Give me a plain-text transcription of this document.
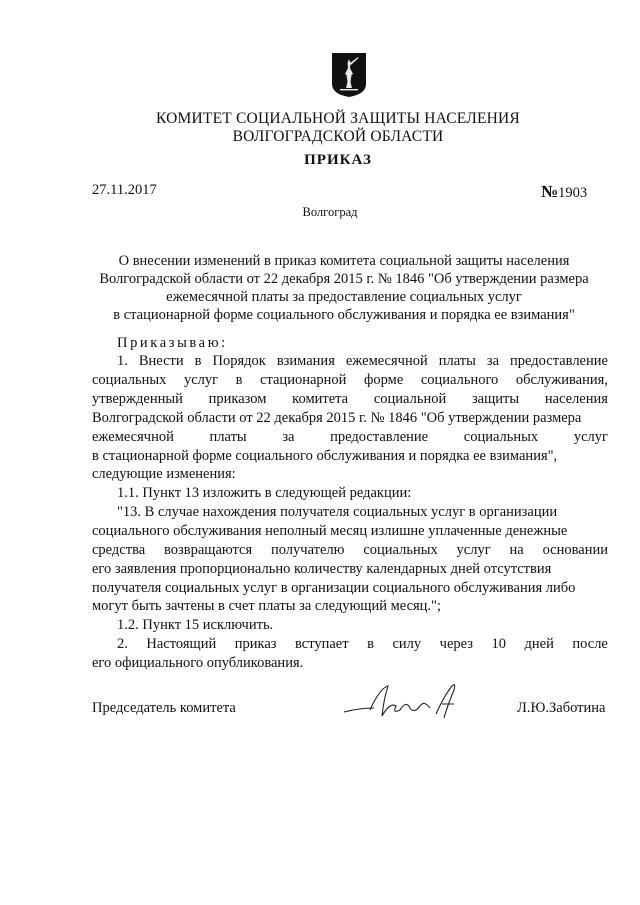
КОМИТЕТ СОЦИАЛЬНОЙ ЗАЩИТЫ НАСЕЛЕНИЯ
ВОЛГОГРАДСКОЙ ОБЛАСТИ
ПРИКАЗ
27.11.2017	№1903
Волгоград
О внесении изменений в приказ комитета социальной защиты населения
Волгоградской области от 22 декабря 2015 г. № 1846 "Об утверждении размера
ежемесячной платы за предоставление социальных услуг
в стационарной форме социального обслуживания и порядка ее взимания"
Приказываю:
1. Внести в Порядок взимания ежемесячной платы за предоставление
социальных услуг в стационарной форме социального обслуживания,
утвержденный приказом комитета социальной защиты населения
Волгоградской области от 22 декабря 2015 г. № 1846 "Об утверждении размера
ежемесячной платы за предоставление социальных услуг
в стационарной форме социального обслуживания и порядка ее взимания",
следующие изменения:
1.1. Пункт 13 изложить в следующей редакции:
"13. В случае нахождения получателя социальных услуг в организации
социального обслуживания неполный месяц излишне уплаченные денежные
средства возвращаются получателю социальных услуг на основании
его заявления пропорционально количеству календарных дней отсутствия
получателя социальных услуг в организации социального обслуживания либо
могут быть зачтены в счет платы за следующий месяц.";
1.2. Пункт 15 исключить.
2. Настоящий приказ вступает в силу через 10 дней после
его официального опубликования.
Председатель комитета	Л.Ю.Заботина
